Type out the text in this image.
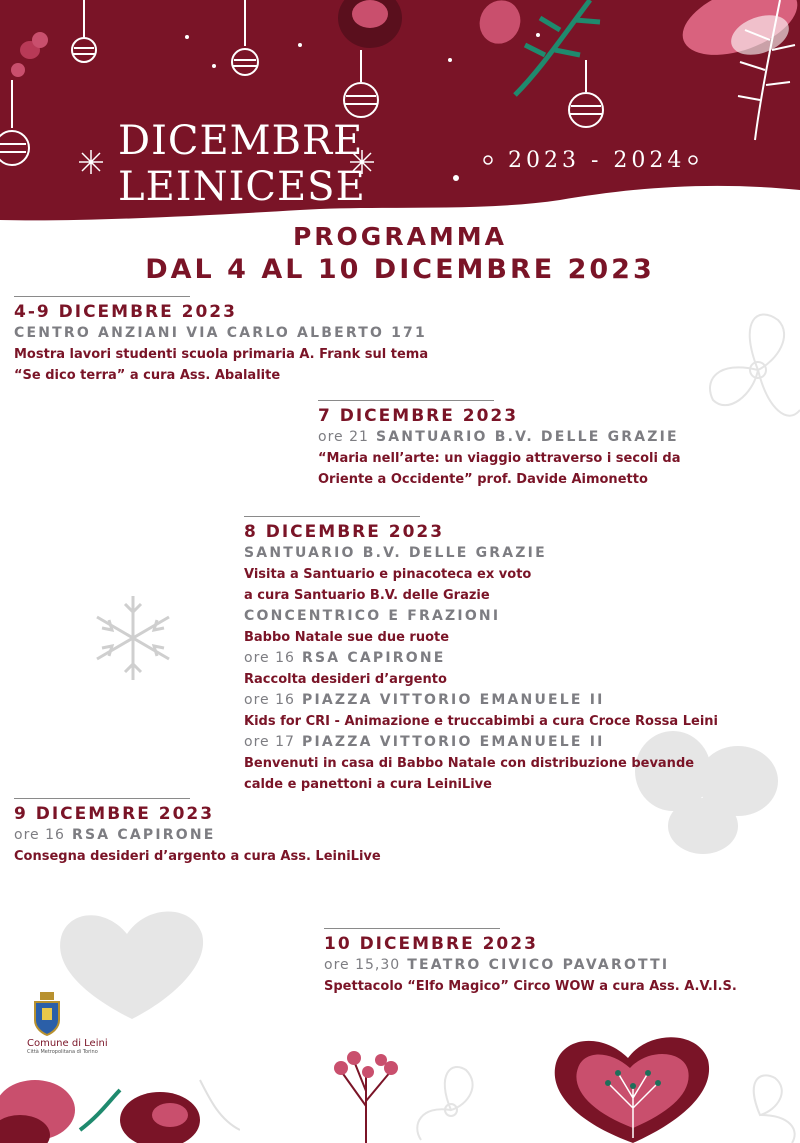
DICEMBRE
LEINICESE
2023 - 2024
PROGRAMMA
DAL 4 AL 10 DICEMBRE 2023
4-9 DICEMBRE 2023
CENTRO ANZIANI VIA CARLO ALBERTO 171
Mostra lavori studenti scuola primaria A. Frank sul tema
“Se dico terra” a cura Ass. Abalalite
7 DICEMBRE 2023
ore 21 SANTUARIO B.V. DELLE GRAZIE
“Maria nell’arte: un viaggio attraverso i secoli da
Oriente a Occidente” prof. Davide Aimonetto
8 DICEMBRE 2023
SANTUARIO B.V. DELLE GRAZIE
Visita a Santuario e pinacoteca ex voto
a cura Santuario B.V. delle Grazie
CONCENTRICO E FRAZIONI
Babbo Natale sue due ruote
ore 16 RSA CAPIRONE
Raccolta desideri d’argento
ore 16 PIAZZA VITTORIO EMANUELE II
Kids for CRI - Animazione e truccabimbi a cura Croce Rossa Leini
ore 17 PIAZZA VITTORIO EMANUELE II
Benvenuti in casa di Babbo Natale con distribuzione bevande
calde e panettoni a cura LeiniLive
9 DICEMBRE 2023
ore 16 RSA CAPIRONE
Consegna desideri d’argento a cura Ass. LeiniLive
10 DICEMBRE 2023
ore 15,30 TEATRO CIVICO PAVAROTTI
Spettacolo “Elfo Magico” Circo WOW a cura Ass. A.V.I.S.
Comune di Leini
Città Metropolitana di Torino
